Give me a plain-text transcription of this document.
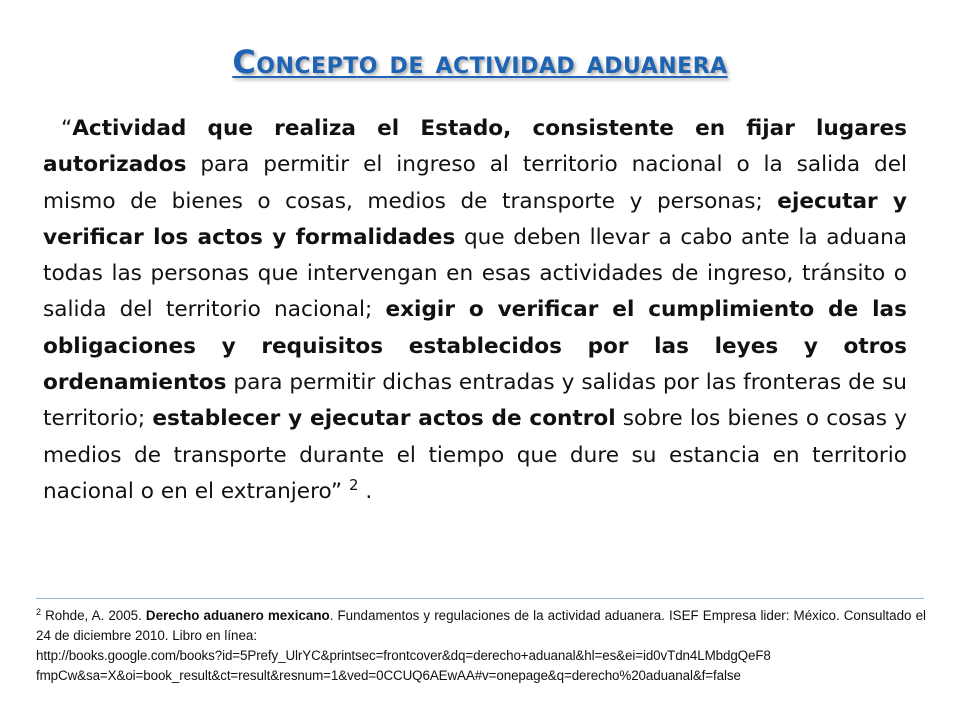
Concepto de actividad aduanera

“Actividad que realiza el Estado, consistente en fijar lugares autorizados para permitir el ingreso al territorio nacional o la salida del mismo de bienes o cosas, medios de transporte y personas; ejecutar y verificar los actos y formalidades que deben llevar a cabo ante la aduana todas las personas que intervengan en esas actividades de ingreso, tránsito o salida del territorio nacional; exigir o verificar el cumplimiento de las obligaciones y requisitos establecidos por las leyes y otros ordenamientos para permitir dichas entradas y salidas por las fronteras de su territorio; establecer y ejecutar actos de control sobre los bienes o cosas y medios de transporte durante el tiempo que dure su estancia en territorio nacional o en el extranjero” $^2$ .

$^2$ Rohde, A. 2005. Derecho aduanero mexicano. Fundamentos y regulaciones de la actividad aduanera. ISEF Empresa lider: México. Consultado el 24 de diciembre 2010. Libro en línea:
http://books.google.com/books?id=5Prefy_UlrYC&printsec=frontcover&dq=derecho+aduanal&hl=es&ei=id0vTdn4LMbdgQeF8
fmpCw&sa=X&oi=book_result&ct=result&resnum=1&ved=0CCUQ6AEwAA#v=onepage&q=derecho%20aduanal&f=false
